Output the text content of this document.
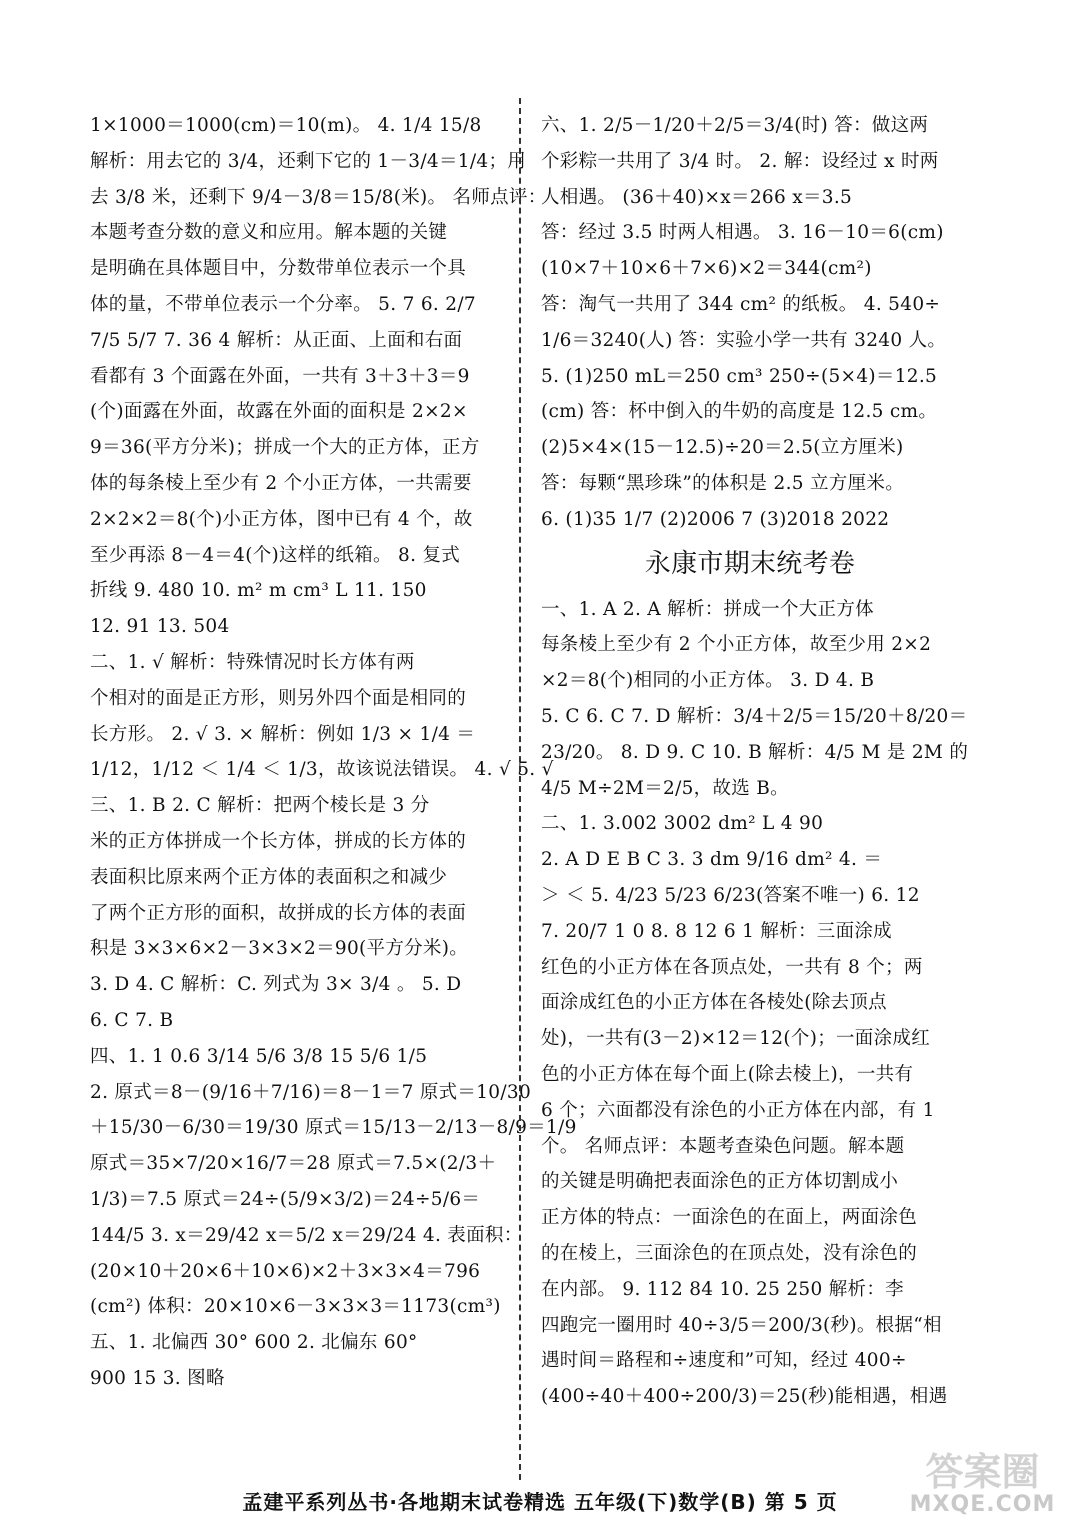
1×1000＝1000(cm)＝10(m)。 4. 1/4 15/8
解析：用去它的 3/4，还剩下它的 1－3/4＝1/4；用
去 3/8 米，还剩下 9/4－3/8＝15/8(米)。 名师点评：
本题考查分数的意义和应用。解本题的关键
是明确在具体题目中，分数带单位表示一个具
体的量，不带单位表示一个分率。 5. 7 6. 2/7
7/5 5/7 7. 36 4 解析：从正面、上面和右面
看都有 3 个面露在外面，一共有 3＋3＋3＝9
(个)面露在外面，故露在外面的面积是 2×2×
9＝36(平方分米)；拼成一个大的正方体，正方
体的每条棱上至少有 2 个小正方体，一共需要
2×2×2＝8(个)小正方体，图中已有 4 个，故
至少再添 8－4＝4(个)这样的纸箱。 8. 复式
折线 9. 480 10. m² m cm³ L 11. 150
12. 91 13. 504
二、1. √ 解析：特殊情况时长方体有两
个相对的面是正方形，则另外四个面是相同的
长方形。 2. √ 3. × 解析：例如 1/3 × 1/4 ＝
1/12，1/12 ＜ 1/4 ＜ 1/3，故该说法错误。 4. √ 5. √
三、1. B 2. C 解析：把两个棱长是 3 分
米的正方体拼成一个长方体，拼成的长方体的
表面积比原来两个正方体的表面积之和减少
了两个正方形的面积，故拼成的长方体的表面
积是 3×3×6×2－3×3×2＝90(平方分米)。
3. D 4. C 解析：C. 列式为 3× 3/4 。 5. D
6. C 7. B
四、1. 1 0.6 3/14 5/6 3/8 15 5/6 1/5
2. 原式＝8－(9/16＋7/16)＝8－1＝7 原式＝10/30
＋15/30－6/30＝19/30 原式＝15/13－2/13－8/9＝1/9
原式＝35×7/20×16/7＝28 原式＝7.5×(2/3＋
1/3)＝7.5 原式＝24÷(5/9×3/2)＝24÷5/6＝
144/5 3. x＝29/42 x＝5/2 x＝29/24 4. 表面积：
(20×10＋20×6＋10×6)×2＋3×3×4＝796
(cm²) 体积：20×10×6－3×3×3＝1173(cm³)
五、1. 北偏西 30° 600 2. 北偏东 60°
900 15 3. 图略
六、1. 2/5－1/20＋2/5＝3/4(时) 答：做这两
个彩粽一共用了 3/4 时。 2. 解：设经过 x 时两
人相遇。 (36＋40)×x＝266 x＝3.5
答：经过 3.5 时两人相遇。 3. 16－10＝6(cm)
(10×7＋10×6＋7×6)×2＝344(cm²)
答：淘气一共用了 344 cm² 的纸板。 4. 540÷
1/6＝3240(人) 答：实验小学一共有 3240 人。
5. (1)250 mL＝250 cm³ 250÷(5×4)＝12.5
(cm) 答：杯中倒入的牛奶的高度是 12.5 cm。
(2)5×4×(15－12.5)÷20＝2.5(立方厘米)
答：每颗“黑珍珠”的体积是 2.5 立方厘米。
6. (1)35 1/7 (2)2006 7 (3)2018 2022
永康市期末统考卷
一、1. A 2. A 解析：拼成一个大正方体
每条棱上至少有 2 个小正方体，故至少用 2×2
×2＝8(个)相同的小正方体。 3. D 4. B
5. C 6. C 7. D 解析：3/4＋2/5＝15/20＋8/20＝
23/20。 8. D 9. C 10. B 解析：4/5 M 是 2M 的
4/5 M÷2M＝2/5，故选 B。
二、1. 3.002 3002 dm² L 4 90
2. A D E B C 3. 3 dm 9/16 dm² 4. ＝
＞ ＜ 5. 4/23 5/23 6/23(答案不唯一) 6. 12
7. 20/7 1 0 8. 8 12 6 1 解析：三面涂成
红色的小正方体在各顶点处，一共有 8 个；两
面涂成红色的小正方体在各棱处(除去顶点
处)，一共有(3－2)×12＝12(个)；一面涂成红
色的小正方体在每个面上(除去棱上)，一共有
6 个；六面都没有涂色的小正方体在内部，有 1
个。 名师点评：本题考查染色问题。解本题
的关键是明确把表面涂色的正方体切割成小
正方体的特点：一面涂色的在面上，两面涂色
的在棱上，三面涂色的在顶点处，没有涂色的
在内部。 9. 112 84 10. 25 250 解析：李
四跑完一圈用时 40÷3/5＝200/3(秒)。根据“相
遇时间＝路程和÷速度和”可知，经过 400÷
(400÷40＋400÷200/3)＝25(秒)能相遇，相遇
孟建平系列丛书·各地期末试卷精选 五年级(下)数学(B) 第 5 页
答案圈
MXQE.COM
